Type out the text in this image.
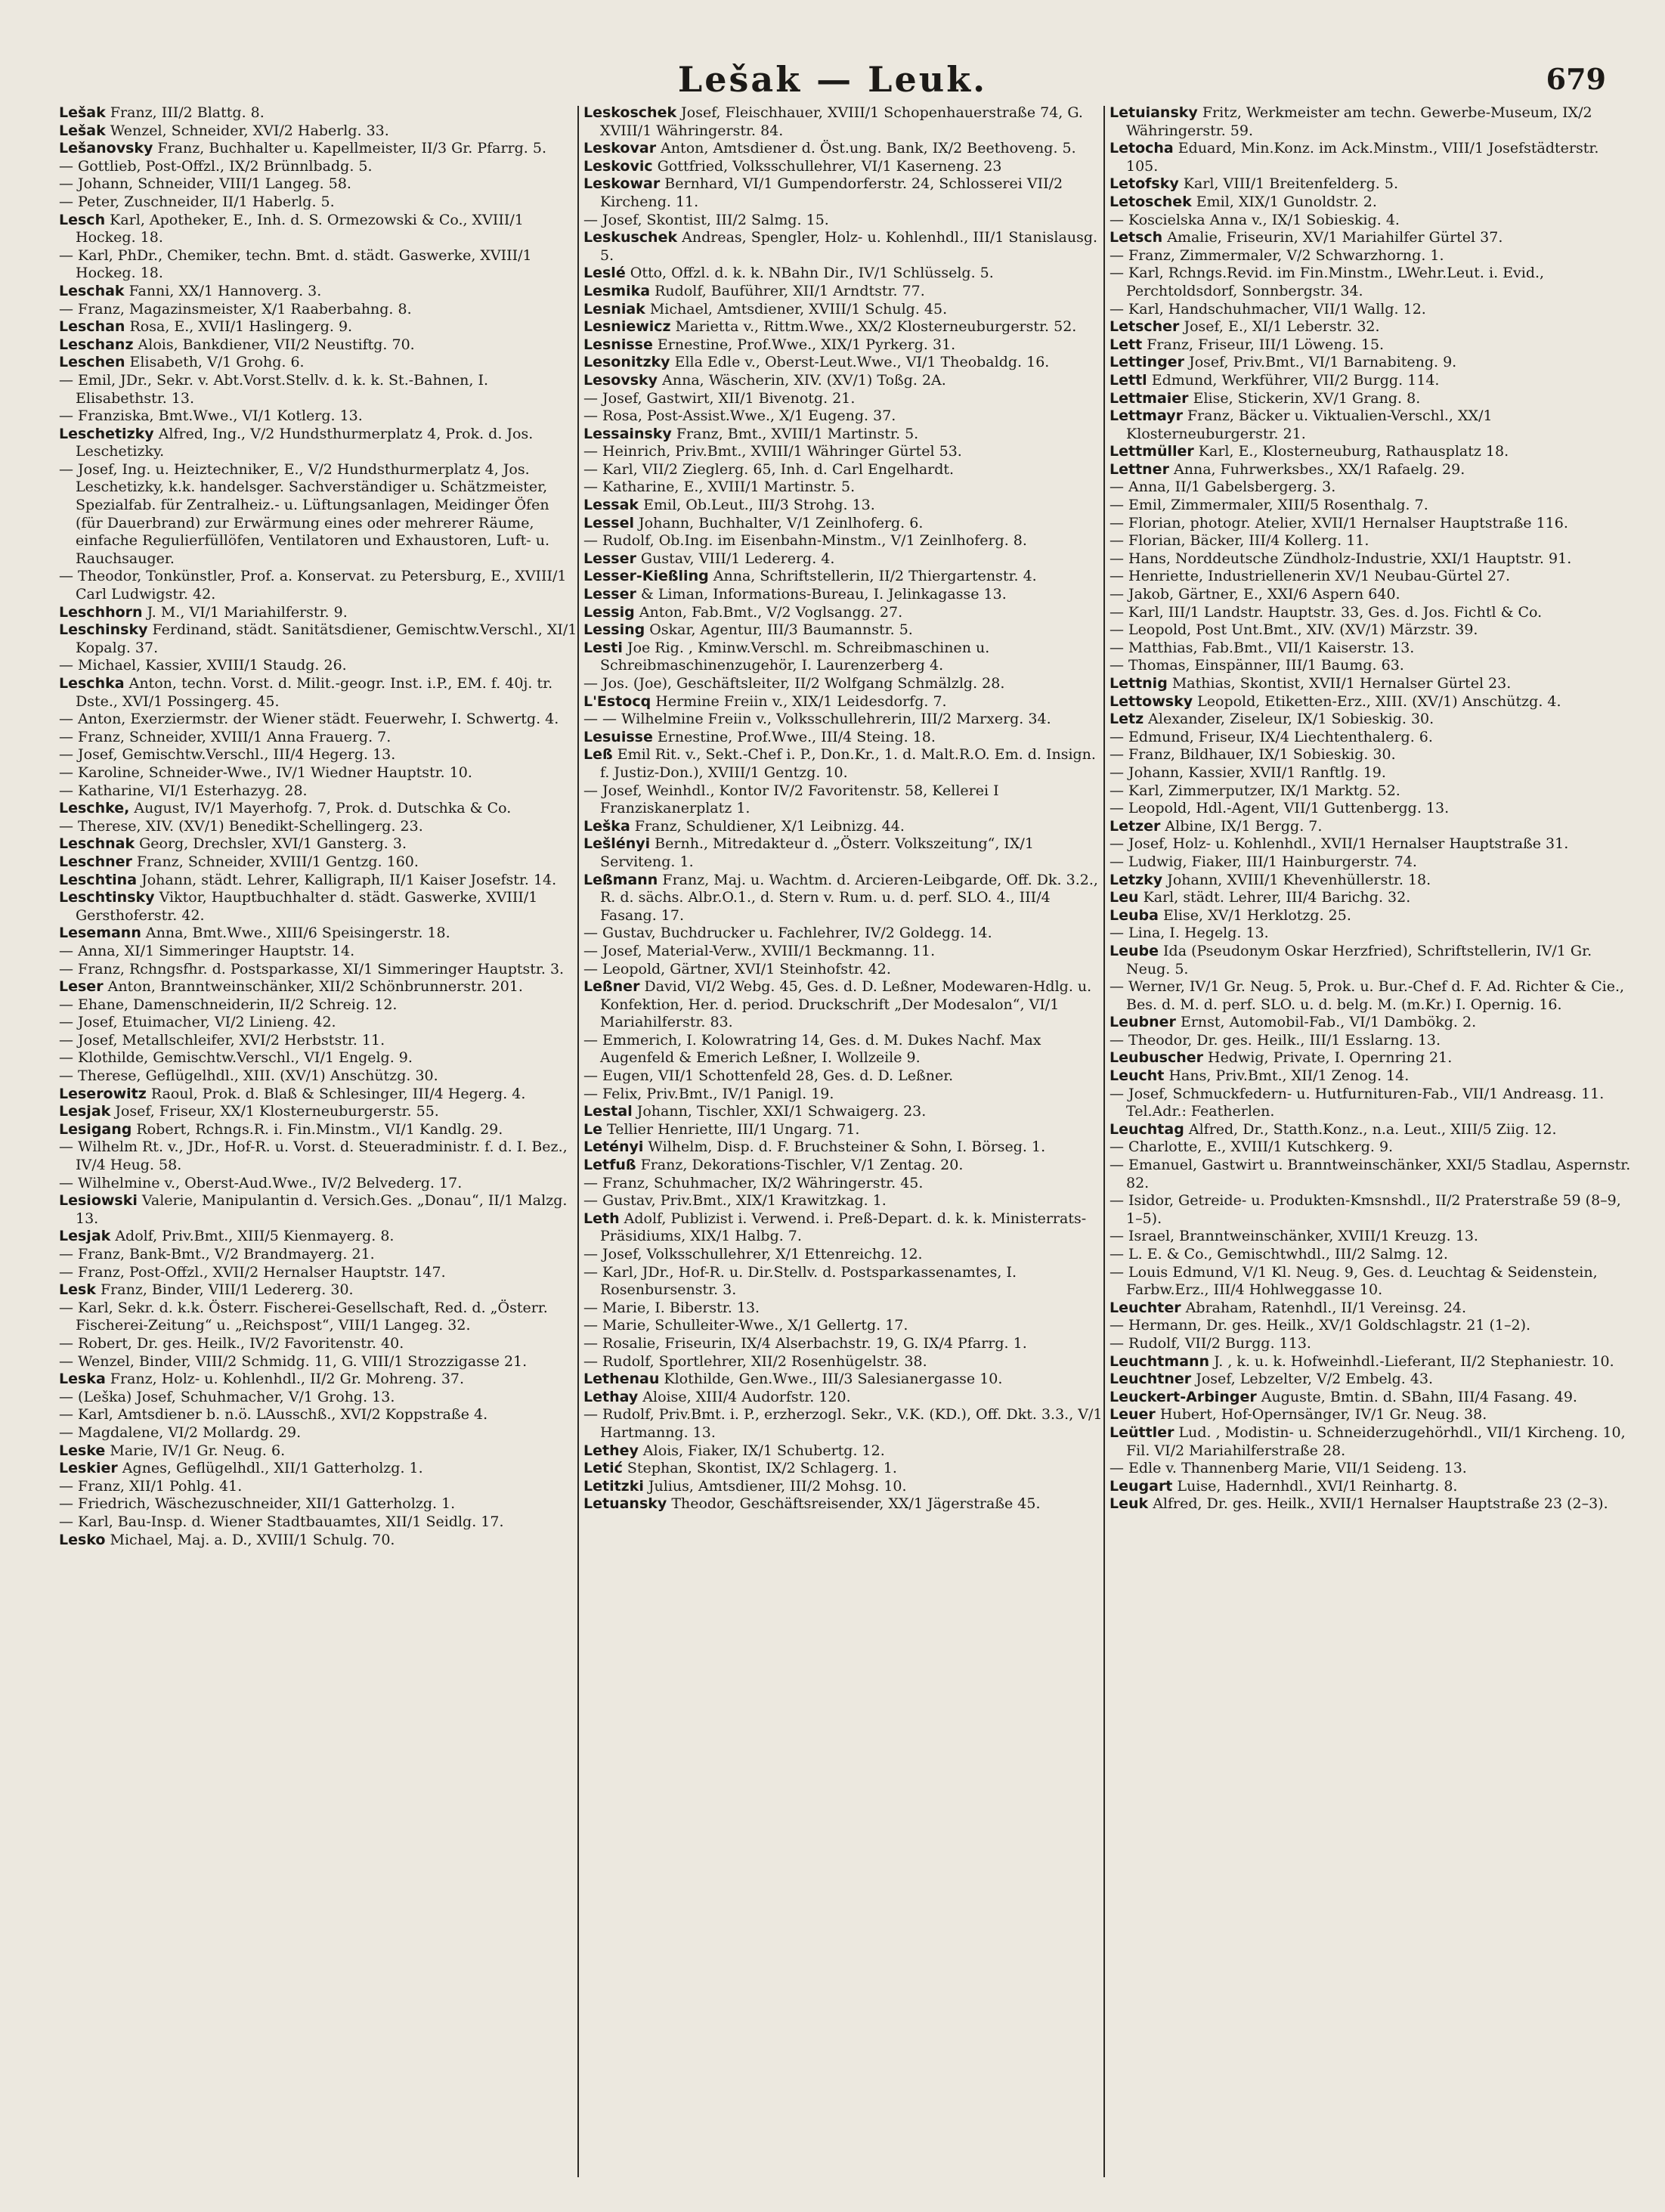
Lešak — Leuk.	679
Lešak Franz, III/2 Blattg. 8.
Lešak Wenzel, Schneider, XVI/2 Haberlg. 33.
Lešanovsky Franz, Buchhalter u. Kapellmeister, II/3 Gr. Pfarrg. 5.
— Gottlieb, Post-Offzl., IX/2 Brünnlbadg. 5.
— Johann, Schneider, VIII/1 Langeg. 58.
— Peter, Zuschneider, II/1 Haberlg. 5.
Lesch Karl, Apotheker, E., Inh. d. S. Ormezowski & Co., XVIII/1 Hockeg. 18.
— Karl, PhDr., Chemiker, techn. Bmt. d. städt. Gaswerke, XVIII/1 Hockeg. 18.
Leschak Fanni, XX/1 Hannoverg. 3.
— Franz, Magazinsmeister, X/1 Raaberbahng. 8.
Leschan Rosa, E., XVII/1 Haslingerg. 9.
Leschanz Alois, Bankdiener, VII/2 Neustiftg. 70.
Leschen Elisabeth, V/1 Grohg. 6.
— Emil, JDr., Sekr. v. Abt.Vorst.Stellv. d. k. k. St.-Bahnen, I. Elisabethstr. 13.
— Franziska, Bmt.Wwe., VI/1 Kotlerg. 13.
Leschetizky Alfred, Ing., V/2 Hundsthurmerplatz 4, Prok. d. Jos. Leschetizky.
— Josef, Ing. u. Heiztechniker, E., V/2 Hundsthurmerplatz 4, Jos. Leschetizky, k.k. handelsger. Sachverständiger u. Schätzmeister, Spezialfab. für Zentralheiz.- u. Lüftungsanlagen, Meidinger Öfen (für Dauerbrand) zur Erwärmung eines oder mehrerer Räume, einfache Regulierfüllöfen, Ventilatoren und Exhaustoren, Luft- u. Rauchsauger.
— Theodor, Tonkünstler, Prof. a. Konservat. zu Petersburg, E., XVIII/1 Carl Ludwigstr. 42.
Leschhorn J. M., VI/1 Mariahilferstr. 9.
Leschinsky Ferdinand, städt. Sanitätsdiener, Gemischtw.Verschl., XI/1 Kopalg. 37.
— Michael, Kassier, XVIII/1 Staudg. 26.
Leschka Anton, techn. Vorst. d. Milit.-geogr. Inst. i.P., EM. f. 40j. tr. Dste., XVI/1 Possingerg. 45.
— Anton, Exerziermstr. der Wiener städt. Feuerwehr, I. Schwertg. 4.
— Franz, Schneider, XVIII/1 Anna Frauerg. 7.
— Josef, Gemischtw.Verschl., III/4 Hegerg. 13.
— Karoline, Schneider-Wwe., IV/1 Wiedner Hauptstr. 10.
— Katharine, VI/1 Esterhazyg. 28.
Leschke, August, IV/1 Mayerhofg. 7, Prok. d. Dutschka & Co.
— Therese, XIV. (XV/1) Benedikt-Schellingerg. 23.
Leschnak Georg, Drechsler, XVI/1 Gansterg. 3.
Leschner Franz, Schneider, XVIII/1 Gentzg. 160.
Leschtina Johann, städt. Lehrer, Kalligraph, II/1 Kaiser Josefstr. 14.
Leschtinsky Viktor, Hauptbuchhalter d. städt. Gaswerke, XVIII/1 Gersthoferstr. 42.
Lesemann Anna, Bmt.Wwe., XIII/6 Speisingerstr. 18.
— Anna, XI/1 Simmeringer Hauptstr. 14.
— Franz, Rchngsfhr. d. Postsparkasse, XI/1 Simmeringer Hauptstr. 3.
Leser Anton, Branntweinschänker, XII/2 Schönbrunnerstr. 201.
— Ehane, Damenschneiderin, II/2 Schreig. 12.
— Josef, Etuimacher, VI/2 Linieng. 42.
— Josef, Metallschleifer, XVI/2 Herbststr. 11.
— Klothilde, Gemischtw.Verschl., VI/1 Engelg. 9.
— Therese, Geflügelhdl., XIII. (XV/1) Anschützg. 30.
Leserowitz Raoul, Prok. d. Blaß & Schlesinger, III/4 Hegerg. 4.
Lesjak Josef, Friseur, XX/1 Klosterneuburgerstr. 55.
Lesigang Robert, Rchngs.R. i. Fin.Minstm., VI/1 Kandlg. 29.
— Wilhelm Rt. v., JDr., Hof-R. u. Vorst. d. Steueradministr. f. d. I. Bez., IV/4 Heug. 58.
— Wilhelmine v., Oberst-Aud.Wwe., IV/2 Belvederg. 17.
Lesiowski Valerie, Manipulantin d. Versich.Ges. „Donau“, II/1 Malzg. 13.
Lesjak Adolf, Priv.Bmt., XIII/5 Kienmayerg. 8.
— Franz, Bank-Bmt., V/2 Brandmayerg. 21.
— Franz, Post-Offzl., XVII/2 Hernalser Hauptstr. 147.
Lesk Franz, Binder, VIII/1 Ledererg. 30.
— Karl, Sekr. d. k.k. Österr. Fischerei-Gesellschaft, Red. d. „Österr. Fischerei-Zeitung“ u. „Reichspost“, VIII/1 Langeg. 32.
— Robert, Dr. ges. Heilk., IV/2 Favoritenstr. 40.
— Wenzel, Binder, VIII/2 Schmidg. 11, G. VIII/1 Strozzigasse 21.
Leska Franz, Holz- u. Kohlenhdl., II/2 Gr. Mohreng. 37.
— (Leška) Josef, Schuhmacher, V/1 Grohg. 13.
— Karl, Amtsdiener b. n.ö. LAusschß., XVI/2 Koppstraße 4.
— Magdalene, VI/2 Mollardg. 29.
Leske Marie, IV/1 Gr. Neug. 6.
Leskier Agnes, Geflügelhdl., XII/1 Gatterholzg. 1.
— Franz, XII/1 Pohlg. 41.
— Friedrich, Wäschezuschneider, XII/1 Gatterholzg. 1.
— Karl, Bau-Insp. d. Wiener Stadtbauamtes, XII/1 Seidlg. 17.
Lesko Michael, Maj. a. D., XVIII/1 Schulg. 70.
Leskoschek Josef, Fleischhauer, XVIII/1 Schopenhauerstraße 74, G. XVIII/1 Währingerstr. 84.
Leskovar Anton, Amtsdiener d. Öst.ung. Bank, IX/2 Beethoveng. 5.
Leskovic Gottfried, Volksschullehrer, VI/1 Kaserneng. 23
Leskowar Bernhard, VI/1 Gumpendorferstr. 24, Schlosserei VII/2 Kircheng. 11.
— Josef, Skontist, III/2 Salmg. 15.
Leskuschek Andreas, Spengler, Holz- u. Kohlenhdl., III/1 Stanislausg. 5.
Leslé Otto, Offzl. d. k. k. NBahn Dir., IV/1 Schlüsselg. 5.
Lesmika Rudolf, Bauführer, XII/1 Arndtstr. 77.
Lesniak Michael, Amtsdiener, XVIII/1 Schulg. 45.
Lesniewicz Marietta v., Rittm.Wwe., XX/2 Klosterneuburgerstr. 52.
Lesnisse Ernestine, Prof.Wwe., XIX/1 Pyrkerg. 31.
Lesonitzky Ella Edle v., Oberst-Leut.Wwe., VI/1 Theobaldg. 16.
Lesovsky Anna, Wäscherin, XIV. (XV/1) Toßg. 2A.
— Josef, Gastwirt, XII/1 Bivenotg. 21.
— Rosa, Post-Assist.Wwe., X/1 Eugeng. 37.
Lessainsky Franz, Bmt., XVIII/1 Martinstr. 5.
— Heinrich, Priv.Bmt., XVIII/1 Währinger Gürtel 53.
— Karl, VII/2 Zieglerg. 65, Inh. d. Carl Engelhardt.
— Katharine, E., XVIII/1 Martinstr. 5.
Lessak Emil, Ob.Leut., III/3 Strohg. 13.
Lessel Johann, Buchhalter, V/1 Zeinlhoferg. 6.
— Rudolf, Ob.Ing. im Eisenbahn-Minstm., V/1 Zeinlhoferg. 8.
Lesser Gustav, VIII/1 Ledererg. 4.
Lesser-Kießling Anna, Schriftstellerin, II/2 Thiergartenstr. 4.
Lesser & Liman, Informations-Bureau, I. Jelinkagasse 13.
Lessig Anton, Fab.Bmt., V/2 Voglsangg. 27.
Lessing Oskar, Agentur, III/3 Baumannstr. 5.
Lesti Joe Rig. , Kminw.Verschl. m. Schreibmaschinen u. Schreibmaschinenzugehör, I. Laurenzerberg 4.
— Jos. (Joe), Geschäftsleiter, II/2 Wolfgang Schmälzlg. 28.
L'Estocq Hermine Freiin v., XIX/1 Leidesdorfg. 7.
— — Wilhelmine Freiin v., Volksschullehrerin, III/2 Marxerg. 34.
Lesuisse Ernestine, Prof.Wwe., III/4 Steing. 18.
Leß Emil Rit. v., Sekt.-Chef i. P., Don.Kr., 1. d. Malt.R.O. Em. d. Insign. f. Justiz-Don.), XVIII/1 Gentzg. 10.
— Josef, Weinhdl., Kontor IV/2 Favoritenstr. 58, Kellerei I Franziskanerplatz 1.
Leška Franz, Schuldiener, X/1 Leibnizg. 44.
Lešlényi Bernh., Mitredakteur d. „Österr. Volkszeitung“, IX/1 Serviteng. 1.
Leßmann Franz, Maj. u. Wachtm. d. Arcieren-Leibgarde, Off. Dk. 3.2., R. d. sächs. Albr.O.1., d. Stern v. Rum. u. d. perf. SLO. 4., III/4 Fasang. 17.
— Gustav, Buchdrucker u. Fachlehrer, IV/2 Goldegg. 14.
— Josef, Material-Verw., XVIII/1 Beckmanng. 11.
— Leopold, Gärtner, XVI/1 Steinhofstr. 42.
Leßner David, VI/2 Webg. 45, Ges. d. D. Leßner, Modewaren-Hdlg. u. Konfektion, Her. d. period. Druckschrift „Der Modesalon“, VI/1 Mariahilferstr. 83.
— Emmerich, I. Kolowratring 14, Ges. d. M. Dukes Nachf. Max Augenfeld & Emerich Leßner, I. Wollzeile 9.
— Eugen, VII/1 Schottenfeld 28, Ges. d. D. Leßner.
— Felix, Priv.Bmt., IV/1 Panigl. 19.
Lestal Johann, Tischler, XXI/1 Schwaigerg. 23.
Le Tellier Henriette, III/1 Ungarg. 71.
Letényi Wilhelm, Disp. d. F. Bruchsteiner & Sohn, I. Börseg. 1.
Letfuß Franz, Dekorations-Tischler, V/1 Zentag. 20.
— Franz, Schuhmacher, IX/2 Währingerstr. 45.
— Gustav, Priv.Bmt., XIX/1 Krawitzkag. 1.
Leth Adolf, Publizist i. Verwend. i. Preß-Depart. d. k. k. Ministerrats-Präsidiums, XIX/1 Halbg. 7.
— Josef, Volksschullehrer, X/1 Ettenreichg. 12.
— Karl, JDr., Hof-R. u. Dir.Stellv. d. Postsparkassenamtes, I. Rosenbursenstr. 3.
— Marie, I. Biberstr. 13.
— Marie, Schulleiter-Wwe., X/1 Gellertg. 17.
— Rosalie, Friseurin, IX/4 Alserbachstr. 19, G. IX/4 Pfarrg. 1.
— Rudolf, Sportlehrer, XII/2 Rosenhügelstr. 38.
Lethenau Klothilde, Gen.Wwe., III/3 Salesianergasse 10.
Lethay Aloise, XIII/4 Audorfstr. 120.
— Rudolf, Priv.Bmt. i. P., erzherzogl. Sekr., V.K. (KD.), Off. Dkt. 3.3., V/1 Hartmanng. 13.
Lethey Alois, Fiaker, IX/1 Schubertg. 12.
Letić Stephan, Skontist, IX/2 Schlagerg. 1.
Letitzki Julius, Amtsdiener, III/2 Mohsg. 10.
Letuansky Theodor, Geschäftsreisender, XX/1 Jägerstraße 45.
Letuiansky Fritz, Werkmeister am techn. Gewerbe-Museum, IX/2 Währingerstr. 59.
Letocha Eduard, Min.Konz. im Ack.Minstm., VIII/1 Josefstädterstr. 105.
Letofsky Karl, VIII/1 Breitenfelderg. 5.
Letoschek Emil, XIX/1 Gunoldstr. 2.
— Koscielska Anna v., IX/1 Sobieskig. 4.
Letsch Amalie, Friseurin, XV/1 Mariahilfer Gürtel 37.
— Franz, Zimmermaler, V/2 Schwarzhorng. 1.
— Karl, Rchngs.Revid. im Fin.Minstm., LWehr.Leut. i. Evid., Perchtoldsdorf, Sonnbergstr. 34.
— Karl, Handschuhmacher, VII/1 Wallg. 12.
Letscher Josef, E., XI/1 Leberstr. 32.
Lett Franz, Friseur, III/1 Löweng. 15.
Lettinger Josef, Priv.Bmt., VI/1 Barnabiteng. 9.
Lettl Edmund, Werkführer, VII/2 Burgg. 114.
Lettmaier Elise, Stickerin, XV/1 Grang. 8.
Lettmayr Franz, Bäcker u. Viktualien-Verschl., XX/1 Klosterneuburgerstr. 21.
Lettmüller Karl, E., Klosterneuburg, Rathausplatz 18.
Lettner Anna, Fuhrwerksbes., XX/1 Rafaelg. 29.
— Anna, II/1 Gabelsbergerg. 3.
— Emil, Zimmermaler, XIII/5 Rosenthalg. 7.
— Florian, photogr. Atelier, XVII/1 Hernalser Hauptstraße 116.
— Florian, Bäcker, III/4 Kollerg. 11.
— Hans, Norddeutsche Zündholz-Industrie, XXI/1 Hauptstr. 91.
— Henriette, Industriellenerin XV/1 Neubau-Gürtel 27.
— Jakob, Gärtner, E., XXI/6 Aspern 640.
— Karl, III/1 Landstr. Hauptstr. 33, Ges. d. Jos. Fichtl & Co.
— Leopold, Post Unt.Bmt., XIV. (XV/1) Märzstr. 39.
— Matthias, Fab.Bmt., VII/1 Kaiserstr. 13.
— Thomas, Einspänner, III/1 Baumg. 63.
Lettnig Mathias, Skontist, XVII/1 Hernalser Gürtel 23.
Lettowsky Leopold, Etiketten-Erz., XIII. (XV/1) Anschützg. 4.
Letz Alexander, Ziseleur, IX/1 Sobieskig. 30.
— Edmund, Friseur, IX/4 Liechtenthalerg. 6.
— Franz, Bildhauer, IX/1 Sobieskig. 30.
— Johann, Kassier, XVII/1 Ranftlg. 19.
— Karl, Zimmerputzer, IX/1 Marktg. 52.
— Leopold, Hdl.-Agent, VII/1 Guttenbergg. 13.
Letzer Albine, IX/1 Bergg. 7.
— Josef, Holz- u. Kohlenhdl., XVII/1 Hernalser Hauptstraße 31.
— Ludwig, Fiaker, III/1 Hainburgerstr. 74.
Letzky Johann, XVIII/1 Khevenhüllerstr. 18.
Leu Karl, städt. Lehrer, III/4 Barichg. 32.
Leuba Elise, XV/1 Herklotzg. 25.
— Lina, I. Hegelg. 13.
Leube Ida (Pseudonym Oskar Herzfried), Schriftstellerin, IV/1 Gr. Neug. 5.
— Werner, IV/1 Gr. Neug. 5, Prok. u. Bur.-Chef d. F. Ad. Richter & Cie., Bes. d. M. d. perf. SLO. u. d. belg. M. (m.Kr.) I. Opernig. 16.
Leubner Ernst, Automobil-Fab., VI/1 Dambökg. 2.
— Theodor, Dr. ges. Heilk., III/1 Esslarng. 13.
Leubuscher Hedwig, Private, I. Opernring 21.
Leucht Hans, Priv.Bmt., XII/1 Zenog. 14.
— Josef, Schmuckfedern- u. Hutfurnituren-Fab., VII/1 Andreasg. 11. Tel.Adr.: Featherlen.
Leuchtag Alfred, Dr., Statth.Konz., n.a. Leut., XIII/5 Ziig. 12.
— Charlotte, E., XVIII/1 Kutschkerg. 9.
— Emanuel, Gastwirt u. Branntweinschänker, XXI/5 Stadlau, Aspernstr. 82.
— Isidor, Getreide- u. Produkten-Kmsnshdl., II/2 Praterstraße 59 (8–9, 1–5).
— Israel, Branntweinschänker, XVIII/1 Kreuzg. 13.
— L. E. & Co., Gemischtwhdl., III/2 Salmg. 12.
— Louis Edmund, V/1 Kl. Neug. 9, Ges. d. Leuchtag & Seidenstein, Farbw.Erz., III/4 Hohlweggasse 10.
Leuchter Abraham, Ratenhdl., II/1 Vereinsg. 24.
— Hermann, Dr. ges. Heilk., XV/1 Goldschlagstr. 21 (1–2).
— Rudolf, VII/2 Burgg. 113.
Leuchtmann J. , k. u. k. Hofweinhdl.-Lieferant, II/2 Stephaniestr. 10.
Leuchtner Josef, Lebzelter, V/2 Embelg. 43.
Leuckert-Arbinger Auguste, Bmtin. d. SBahn, III/4 Fasang. 49.
Leuer Hubert, Hof-Opernsänger, IV/1 Gr. Neug. 38.
Leüttler Lud. , Modistin- u. Schneiderzugehörhdl., VII/1 Kircheng. 10, Fil. VI/2 Mariahilferstraße 28.
— Edle v. Thannenberg Marie, VII/1 Seideng. 13.
Leugart Luise, Hadernhdl., XVI/1 Reinhartg. 8.
Leuk Alfred, Dr. ges. Heilk., XVII/1 Hernalser Hauptstraße 23 (2–3).
